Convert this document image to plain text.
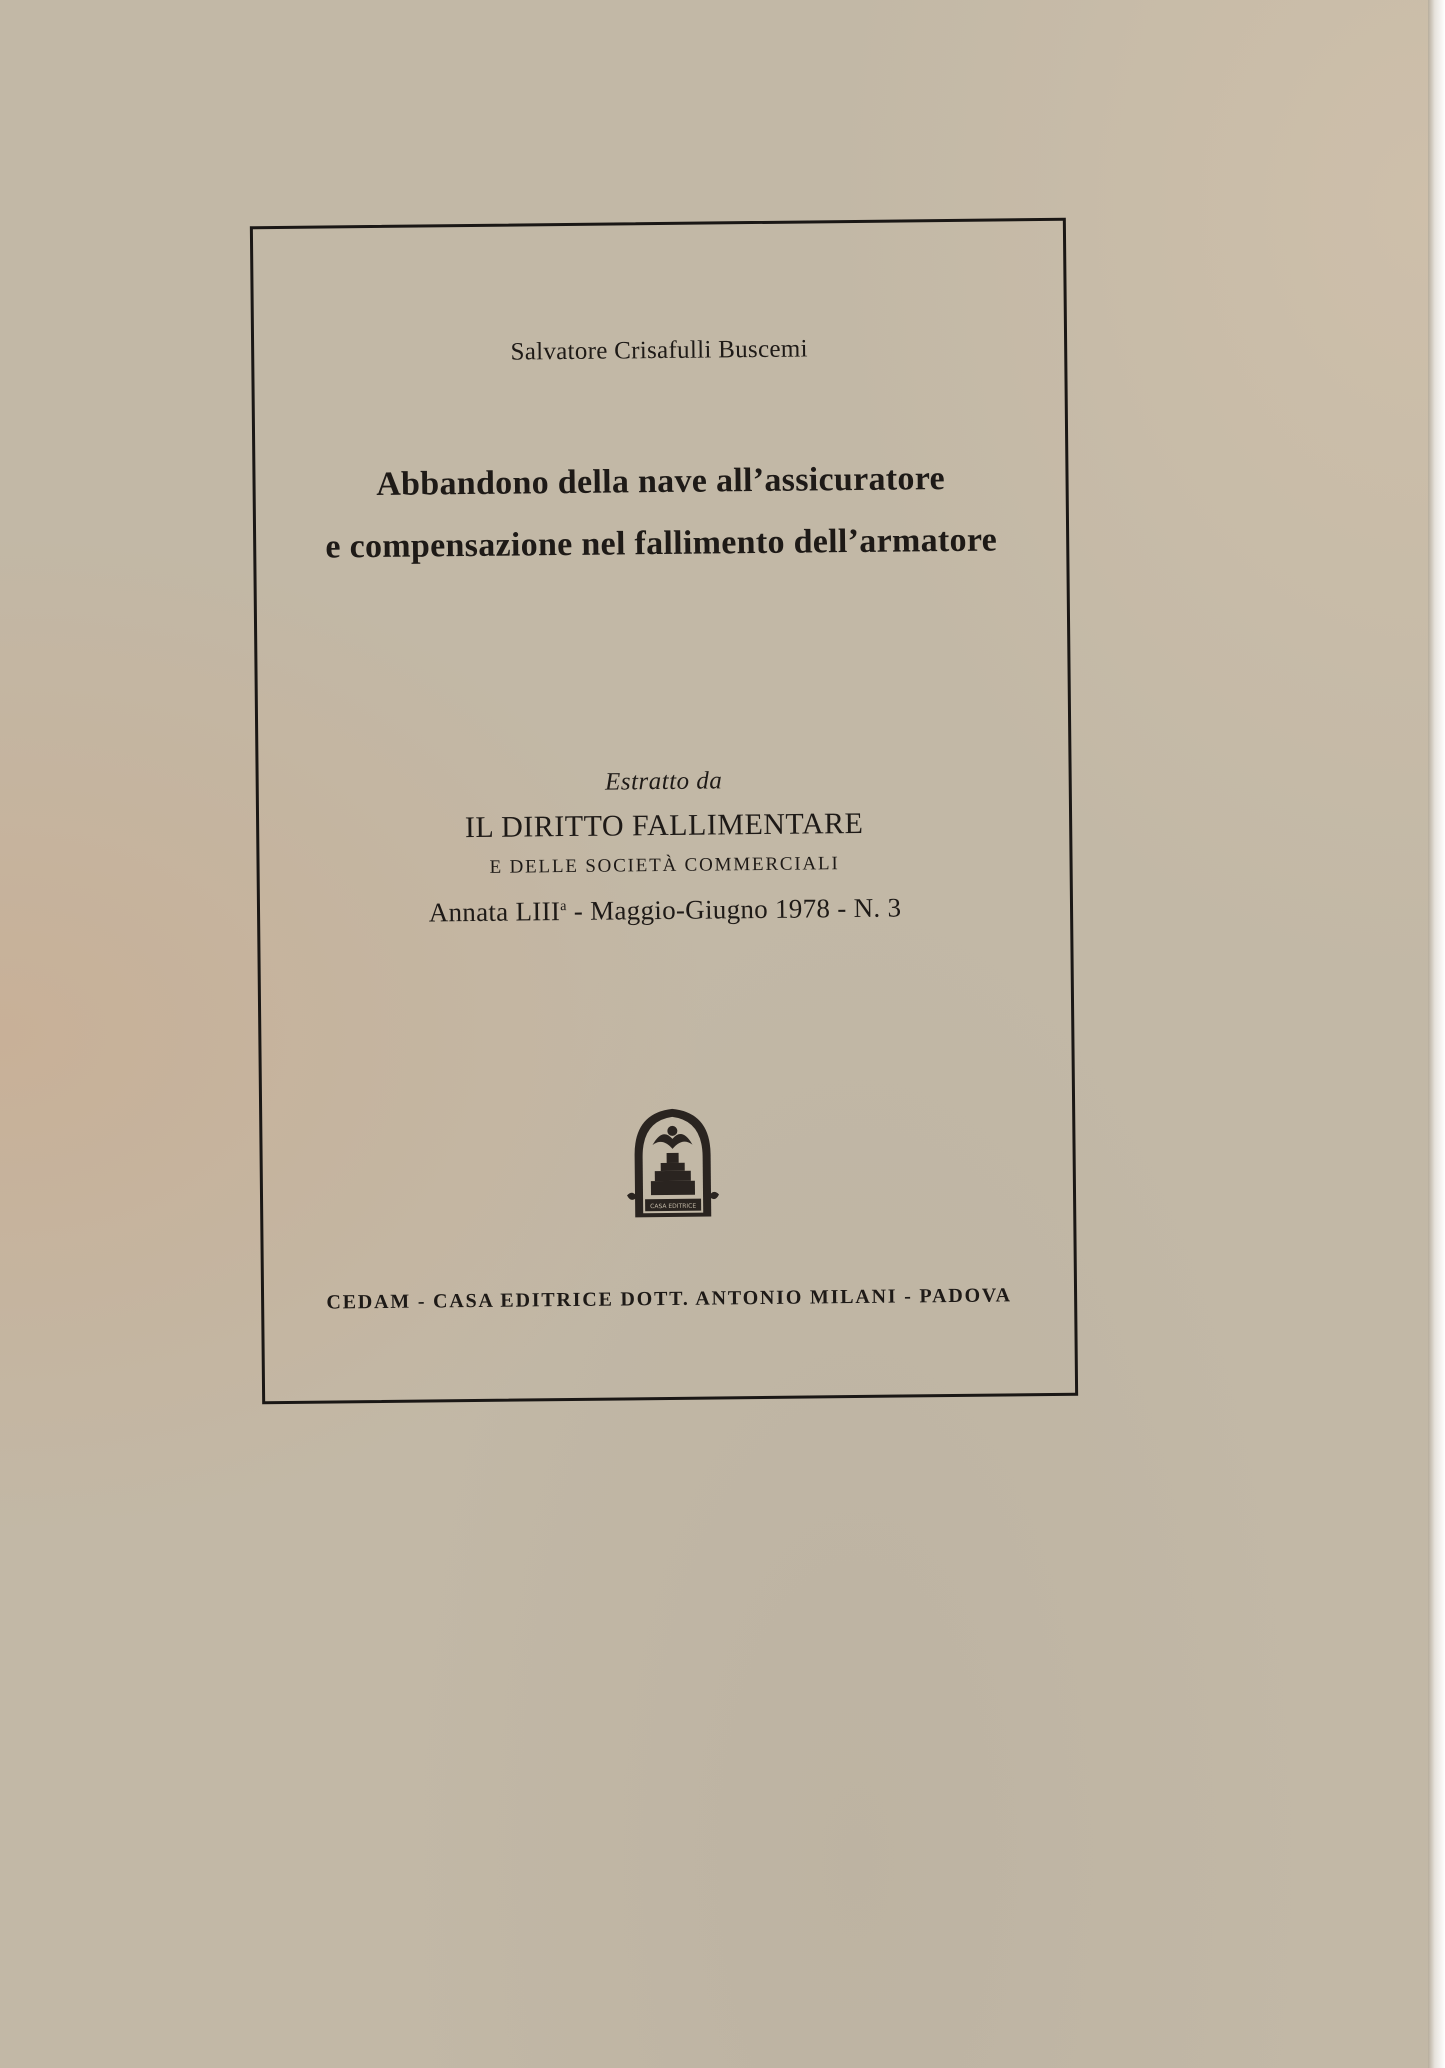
Salvatore Crisafulli Buscemi
Abbandono della nave all’assicuratore
e compensazione nel fallimento dell’armatore
Estratto da
IL DIRITTO FALLIMENTARE
E DELLE SOCIETÀ COMMERCIALI
Annata LIII$^a$ - Maggio-Giugno 1978 - N. 3
CASA EDITRICE
CEDAM - CASA EDITRICE DOTT. ANTONIO MILANI - PADOVA
